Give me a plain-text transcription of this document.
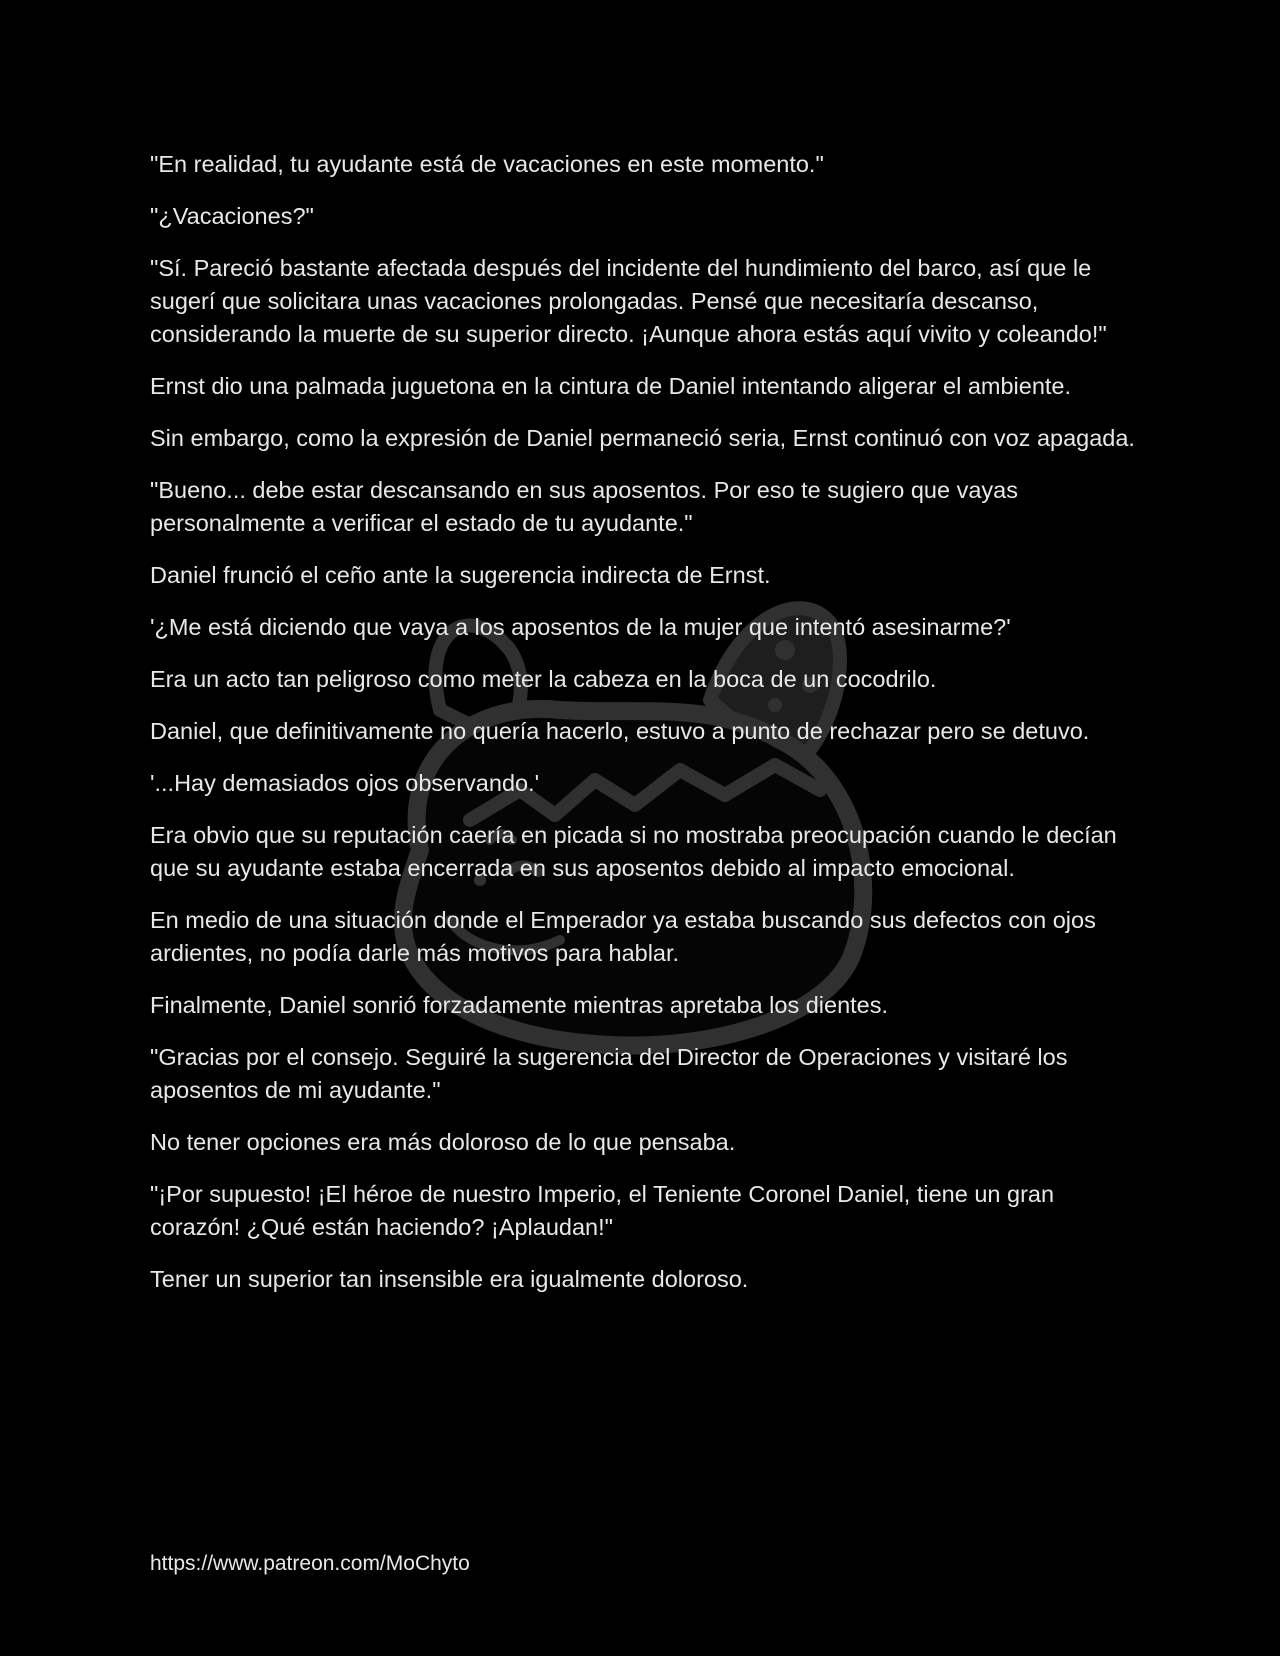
"En realidad, tu ayudante está de vacaciones en este momento."

"¿Vacaciones?"

"Sí. Pareció bastante afectada después del incidente del hundimiento del barco, así que le sugerí que solicitara unas vacaciones prolongadas. Pensé que necesitaría descanso, considerando la muerte de su superior directo. ¡Aunque ahora estás aquí vivito y coleando!"

Ernst dio una palmada juguetona en la cintura de Daniel intentando aligerar el ambiente.

Sin embargo, como la expresión de Daniel permaneció seria, Ernst continuó con voz apagada.

"Bueno... debe estar descansando en sus aposentos. Por eso te sugiero que vayas personalmente a verificar el estado de tu ayudante."

Daniel frunció el ceño ante la sugerencia indirecta de Ernst.

'¿Me está diciendo que vaya a los aposentos de la mujer que intentó asesinarme?'

Era un acto tan peligroso como meter la cabeza en la boca de un cocodrilo.

Daniel, que definitivamente no quería hacerlo, estuvo a punto de rechazar pero se detuvo.

'...Hay demasiados ojos observando.'

Era obvio que su reputación caería en picada si no mostraba preocupación cuando le decían que su ayudante estaba encerrada en sus aposentos debido al impacto emocional.

En medio de una situación donde el Emperador ya estaba buscando sus defectos con ojos ardientes, no podía darle más motivos para hablar.

Finalmente, Daniel sonrió forzadamente mientras apretaba los dientes.

"Gracias por el consejo. Seguiré la sugerencia del Director de Operaciones y visitaré los aposentos de mi ayudante."

No tener opciones era más doloroso de lo que pensaba.

"¡Por supuesto! ¡El héroe de nuestro Imperio, el Teniente Coronel Daniel, tiene un gran corazón! ¿Qué están haciendo? ¡Aplaudan!"

Tener un superior tan insensible era igualmente doloroso.

https://www.patreon.com/MoChyto
